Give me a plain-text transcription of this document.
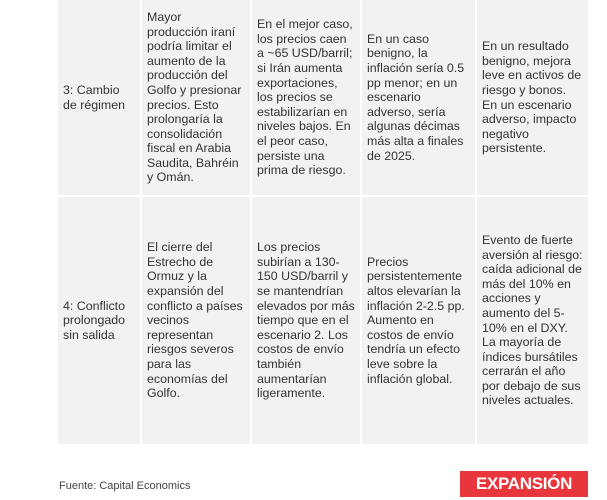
3: Cambio de régimen
Mayor producción iraní podría limitar el aumento de la producción del Golfo y presionar precios. Esto prolongaría la consolidación fiscal en Arabia Saudita, Bahréin y Omán.
En el mejor caso, los precios caen a ~65 USD/barril; si Irán aumenta exportaciones, los precios se estabilizarían en niveles bajos. En el peor caso, persiste una prima de riesgo.
En un caso benigno, la inflación sería 0.5 pp menor; en un escenario adverso, sería algunas décimas más alta a finales de 2025.
En un resultado benigno, mejora leve en activos de riesgo y bonos. En un escenario adverso, impacto negativo persistente.
4: Conflicto prolongado sin salida
El cierre del Estrecho de Ormuz y la expansión del conflicto a países vecinos representan riesgos severos para las economías del Golfo.
Los precios subirían a 130-150 USD/barril y se mantendrían elevados por más tiempo que en el escenario 2. Los costos de envío también aumentarían ligeramente.
Precios persistentemente altos elevarían la inflación 2-2.5 pp. Aumento en costos de envío tendría un efecto leve sobre la inflación global.
Evento de fuerte aversión al riesgo: caída adicional de más del 10% en acciones y aumento del 5-10% en el DXY. La mayoría de índices bursátiles cerrarán el año por debajo de sus niveles actuales.
Fuente: Capital Economics	EXPANSIÓN
